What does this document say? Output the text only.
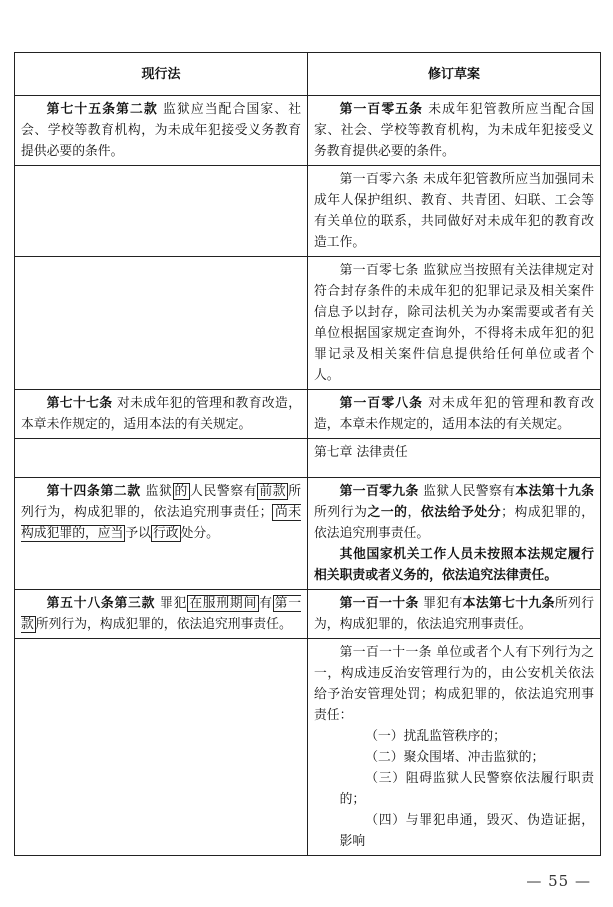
现行法	修订草案

第七十五条第二款 监狱应当配合国家、社会、学校等教育机构，为未成年犯接受义务教育提供必要的条件。	第一百零五条 未成年犯管教所应当配合国家、社会、学校等教育机构，为未成年犯接受义务教育提供必要的条件。

	第一百零六条 未成年犯管教所应当加强同未成年人保护组织、教育、共青团、妇联、工会等有关单位的联系，共同做好对未成年犯的教育改造工作。

	第一百零七条 监狱应当按照有关法律规定对符合封存条件的未成年犯的犯罪记录及相关案件信息予以封存，除司法机关为办案需要或者有关单位根据国家规定查询外，不得将未成年犯的犯罪记录及相关案件信息提供给任何单位或者个人。

第七十七条 对未成年犯的管理和教育改造，本章未作规定的，适用本法的有关规定。	第一百零八条 对未成年犯的管理和教育改造，本章未作规定的，适用本法的有关规定。

	第七章 法律责任

第十四条第二款 监狱 的 人民警察有 前款 所列行为，构成犯罪的，依法追究刑事责任； 尚未构成犯罪的，应当 予以 行政 处分。	第一百零九条 监狱人民警察有本法第十九条所列行为之一的，依法给予处分；构成犯罪的，依法追究刑事责任。

其他国家机关工作人员未按照本法规定履行相关职责或者义务的，依法追究法律责任。

第五十八条第三款 罪犯 在服刑期间 有 第一款 所列行为，构成犯罪的，依法追究刑事责任。	第一百一十条 罪犯有本法第七十九条所列行为，构成犯罪的，依法追究刑事责任。

	第一百一十一条 单位或者个人有下列行为之一，构成违反治安管理行为的，由公安机关依法给予治安管理处罚；构成犯罪的，依法追究刑事责任：

（一）扰乱监管秩序的；

（二）聚众围堵、冲击监狱的；

（三）阻碍监狱人民警察依法履行职责的；

（四）与罪犯串通，毁灭、伪造证据，影响

— 55 —
